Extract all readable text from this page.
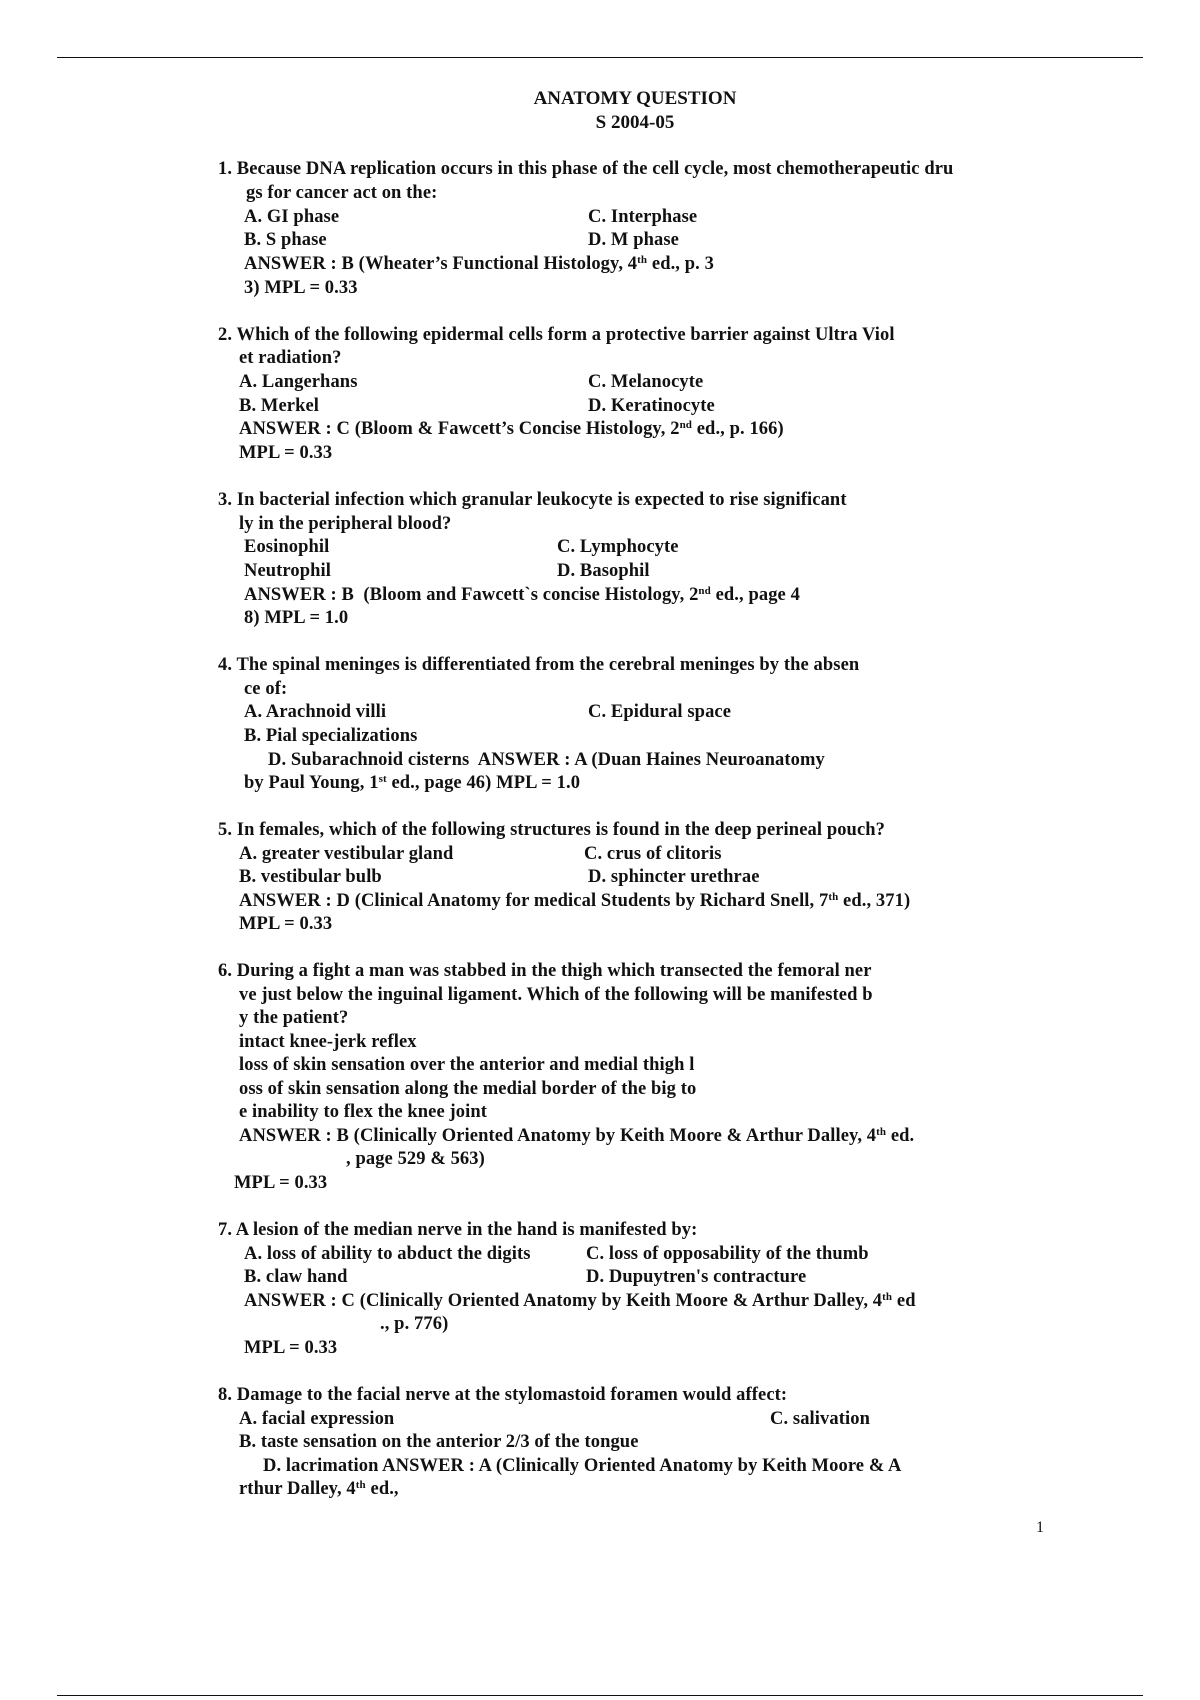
ANATOMY QUESTION
S 2004-05
1. Because DNA replication occurs in this phase of the cell cycle, most chemotherapeutic dru
gs for cancer act on the:
A. GI phase	C. Interphase
B. S phase	D. M phase
ANSWER : B (Wheater’s Functional Histology, 4th ed., p. 3
3) MPL = 0.33
2. Which of the following epidermal cells form a protective barrier against Ultra Viol
et radiation?
A. Langerhans	C. Melanocyte
B. Merkel	D. Keratinocyte
ANSWER : C (Bloom & Fawcett’s Concise Histology, 2nd ed., p. 166)
MPL = 0.33
3. In bacterial infection which granular leukocyte is expected to rise significant
ly in the peripheral blood?
Eosinophil	C. Lymphocyte
Neutrophil	D. Basophil
ANSWER : B  (Bloom and Fawcett`s concise Histology, 2nd ed., page 4
8) MPL = 1.0
4. The spinal meninges is differentiated from the cerebral meninges by the absen
ce of:
A. Arachnoid villi	C. Epidural space
B. Pial specializations
D. Subarachnoid cisterns  ANSWER : A (Duan Haines Neuroanatomy
by Paul Young, 1st ed., page 46) MPL = 1.0
5. In females, which of the following structures is found in the deep perineal pouch?
A. greater vestibular gland	C. crus of clitoris
B. vestibular bulb	D. sphincter urethrae
ANSWER : D (Clinical Anatomy for medical Students by Richard Snell, 7th ed., 371)
MPL = 0.33
6. During a fight a man was stabbed in the thigh which transected the femoral ner
ve just below the inguinal ligament. Which of the following will be manifested b
y the patient?
intact knee-jerk reflex
loss of skin sensation over the anterior and medial thigh l
oss of skin sensation along the medial border of the big to
e inability to flex the knee joint
ANSWER : B (Clinically Oriented Anatomy by Keith Moore & Arthur Dalley, 4th ed.
, page 529 & 563)
MPL = 0.33
7. A lesion of the median nerve in the hand is manifested by:
A. loss of ability to abduct the digits	C. loss of opposability of the thumb
B. claw hand	D. Dupuytren's contracture
ANSWER : C (Clinically Oriented Anatomy by Keith Moore & Arthur Dalley, 4th ed
., p. 776)
MPL = 0.33
8. Damage to the facial nerve at the stylomastoid foramen would affect:
A. facial expression	C. salivation
B. taste sensation on the anterior 2/3 of the tongue
D. lacrimation ANSWER : A (Clinically Oriented Anatomy by Keith Moore & A
rthur Dalley, 4th ed.,
1
